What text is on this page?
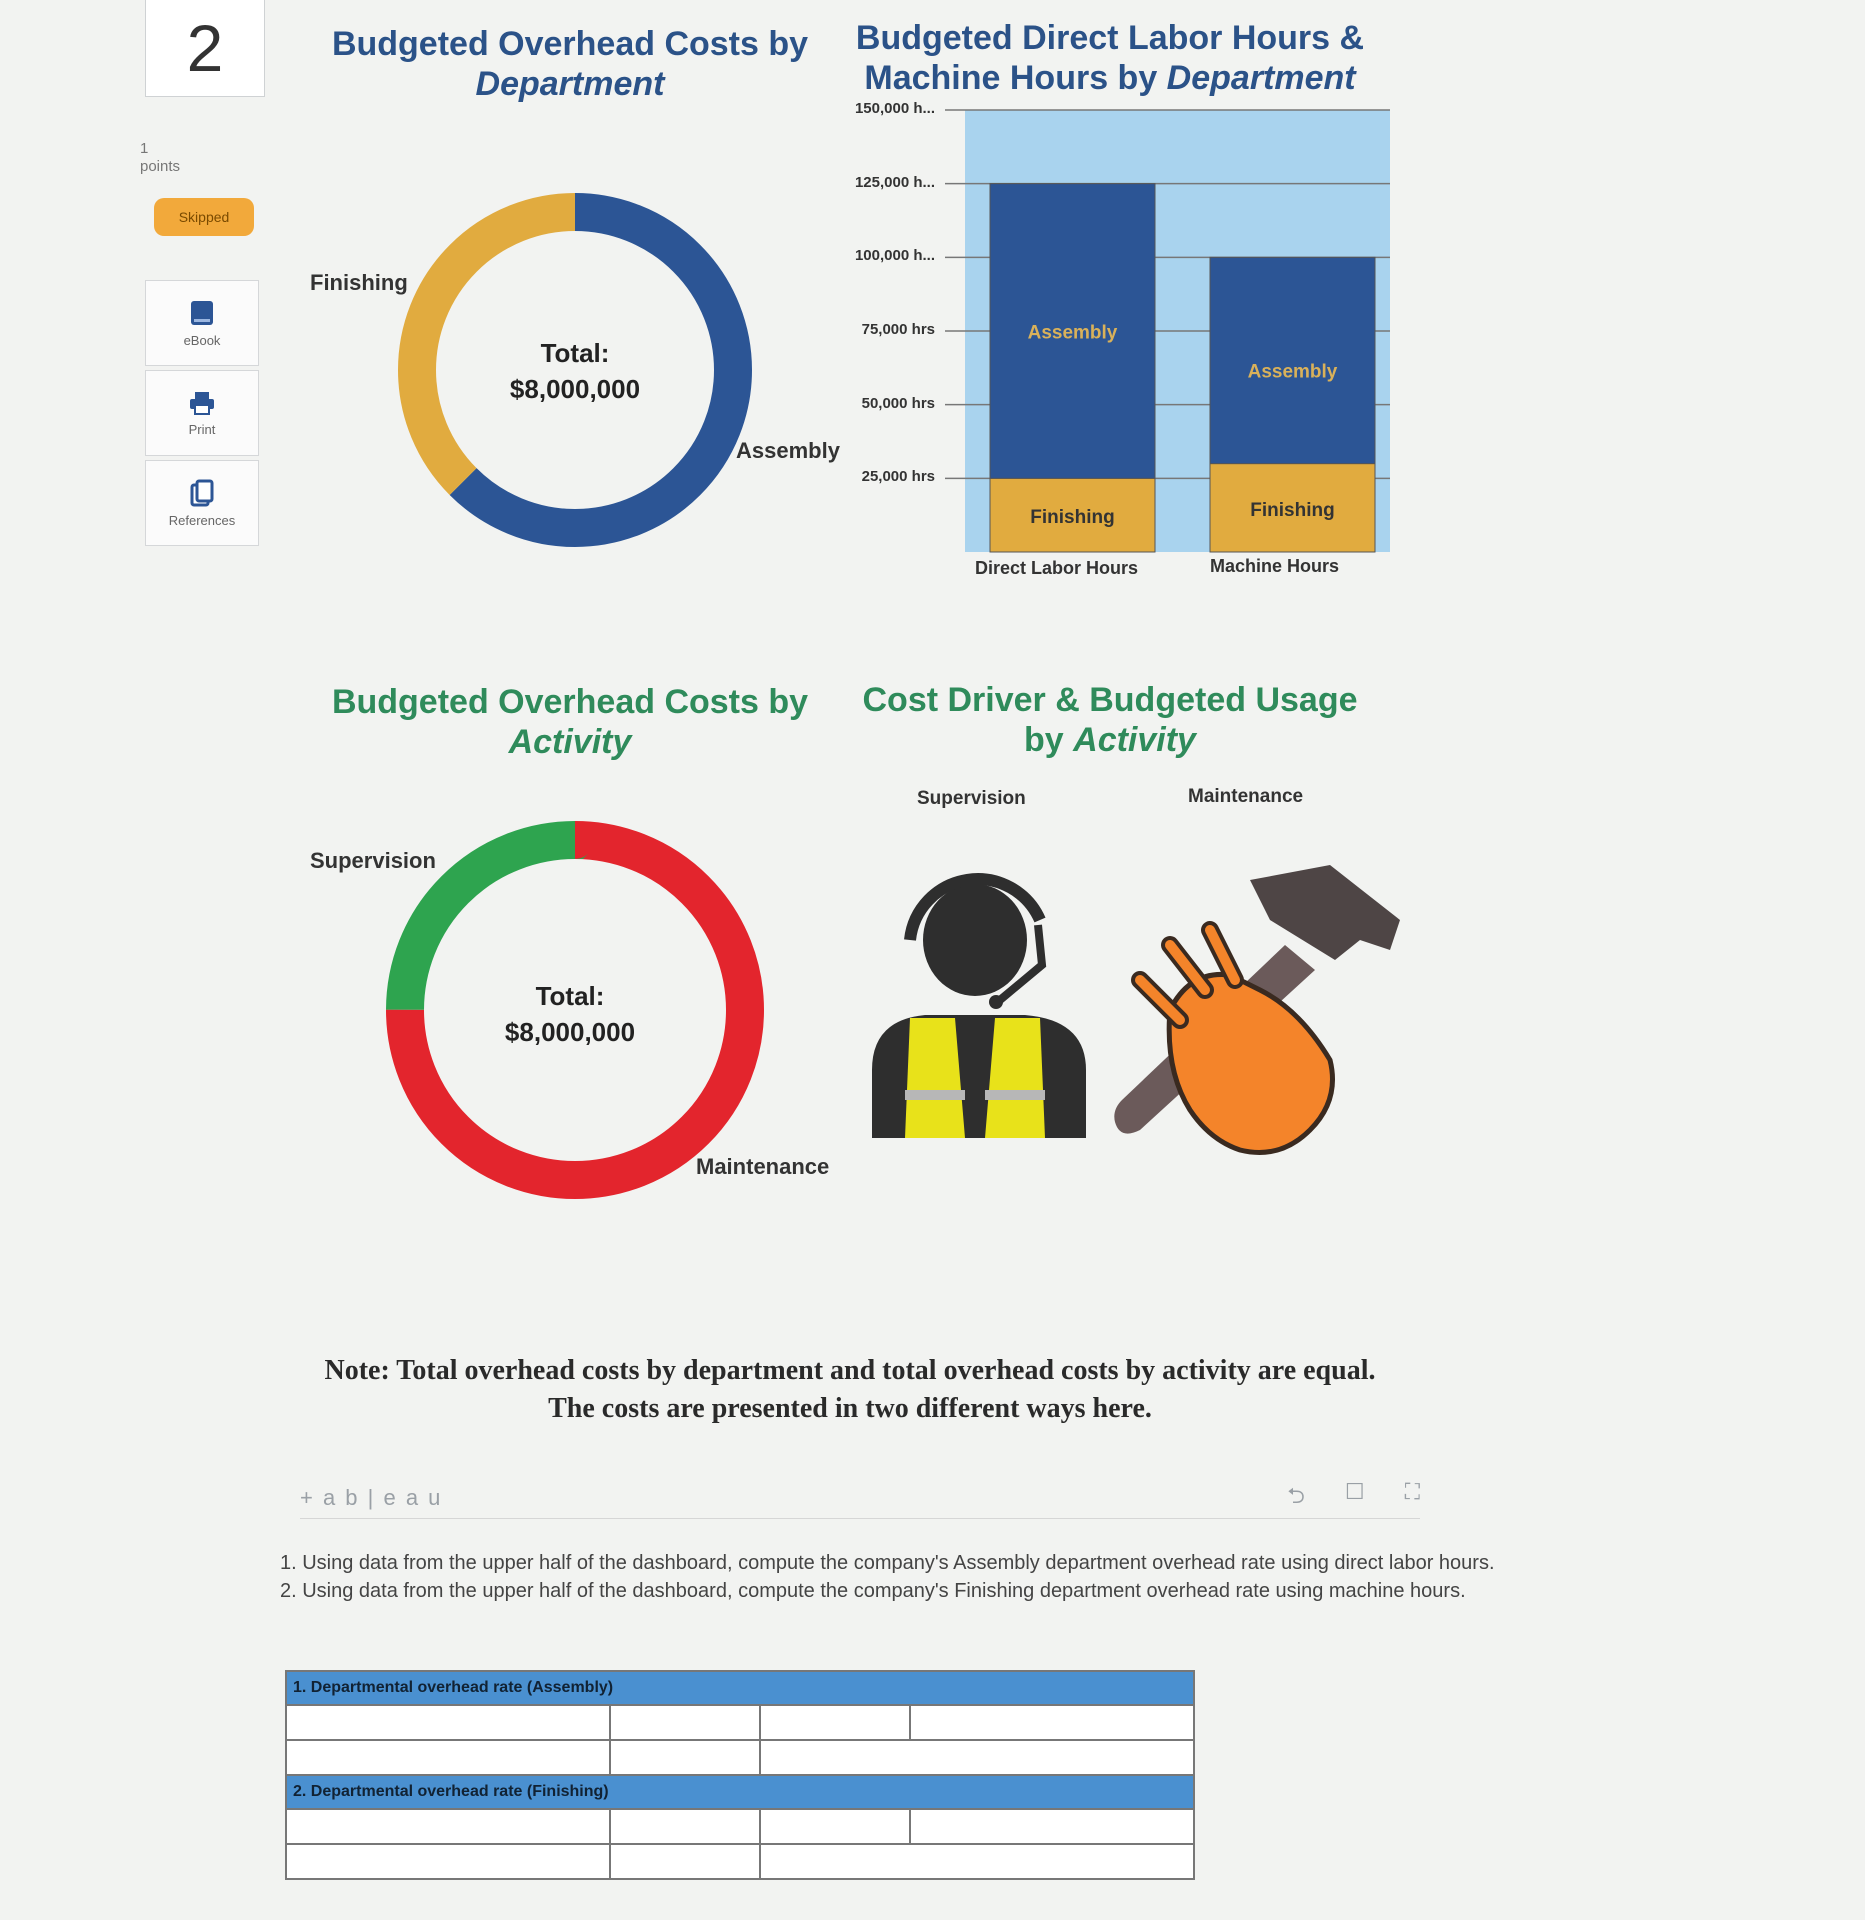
2
1
points
Skipped
eBook
Print
References
Budgeted Overhead Costs by
Department
Budgeted Direct Labor Hours &
Machine Hours by Department
Budgeted Overhead Costs by
Activity
Cost Driver & Budgeted Usage
by Activity
Finishing
Assembly
Total:
$8,000,000
Finishing
Assembly
Finishing
Assembly
25,000 hrs
50,000 hrs
75,000 hrs
100,000 h...
125,000 h...
150,000 h...
Direct Labor Hours	Machine Hours
Supervision
Maintenance
Total:
$8,000,000
Supervision	Maintenance
Note: Total overhead costs by department and total overhead costs by activity are equal. The costs are presented in two different ways here.
+ a b | e a u	⮌ ☐ ⛶

1. Using data from the upper half of the dashboard, compute the company's Assembly department overhead rate using direct labor hours.

2. Using data from the upper half of the dashboard, compute the company's Finishing department overhead rate using machine hours.

1. Departmental overhead rate (Assembly)			

2. Departmental overhead rate (Finishing)			
